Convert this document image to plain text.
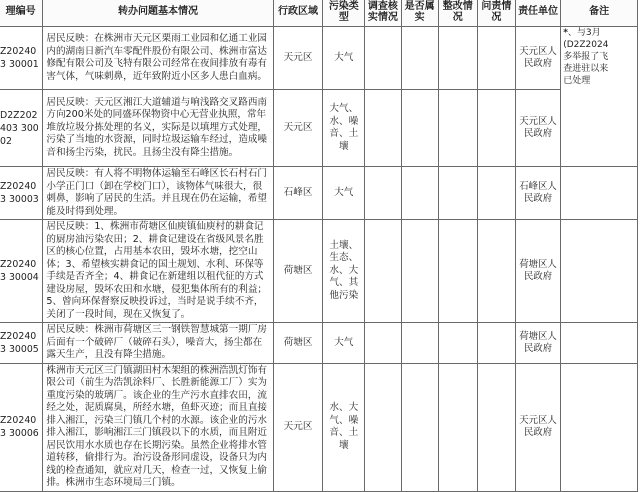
理编号	转办问题基本情况	行政区域	污染类型	调查核实情况	是否属实	整改情况	问责情况	责任单位	备注
Z202403 30001	居民反映：在株洲市天元区栗雨工业园和亿通工业园内的湖南日新汽车零配件股份有限公司、株洲市富达修配有限公司及飞特有限公司经常在夜间排放有毒有害气体，气味刺鼻，近年致附近小区多人患白血病。	天元区	大气					天元区人民政府	*、与3月
(D2Z2024
多举报了飞
查进驻以来
已处理

D2Z202403 30002	居民反映：天元区湘江大道辅道与响浅路交叉路西南方向200米处的同盛环保物资中心无营业执照，常年堆放垃圾分拣处理的名义，实际是以填埋方式处理，污染了当地的水资源，同时垃圾运输车经过，造成噪音和扬尘污染，扰民。且扬尘没有降尘措施。	天元区	大气、水、噪音、土壤					天元区人民政府	
Z202403 30003	居民反映：有人将不明物体运输至石峰区长石村石门小学正门口（卸在学校门口），该物体气味很大，很刺鼻，影响了居民的生活。并且现在仍在运输，希望能及时得到处理。	石峰区	大气					石峰区人民政府	
Z202403 30004	居民反映：1、株洲市荷塘区仙庾镇仙庾村的耕食记的厨房油污染农田；2、耕食记建设在省级风景名胜区的核心位置，占用基本农田，毁坏水塘，挖空山体；3、希望核实耕食记的国土规划、水利、环保等手续是否齐全；4、耕食记在新建组以租代征的方式建设房屋，毁坏农田和水塘，侵犯集体所有的利益；5、曾向环保督察反映投诉过，当时是说手续不齐，关闭了一段时间，现在又恢复了。	荷塘区	土壤、生态、水、大气、其他污染					荷塘区人民政府	
Z202403 30005	居民反映：株洲市荷塘区三一钢铁智慧城第一期厂房后面有一个破碎厂（破碎石头），噪音大，扬尘都在露天生产，且没有降尘措施。	荷塘区	大气					荷塘区人民政府	
Z202403 30006	株洲市天元区三门镇湖田村木架组的株洲浩凯灯饰有限公司（前生为浩凯涂料厂、长胜新能源工厂）实为重度污染的玻璃厂。该企业的生产污水直排农田，流经之处，泥质腐臭，所经水塘，鱼虾灭迹；而且直接排入湘江，污染三门镇几个村的水源。该企业的污水排入湘江，影响湘江三门镇段以下的水质，而且附近居民饮用水水质也存在长期污染。虽然企业将排水管道转移，偷排行为。治污设备形同虚设，设备只为内线的检查通知，就应对几天，检查一过，又恢复上偷排。株洲市生态环境局三门镇。	天元区	水、大气、噪音、土壤					天元区人民政府	
